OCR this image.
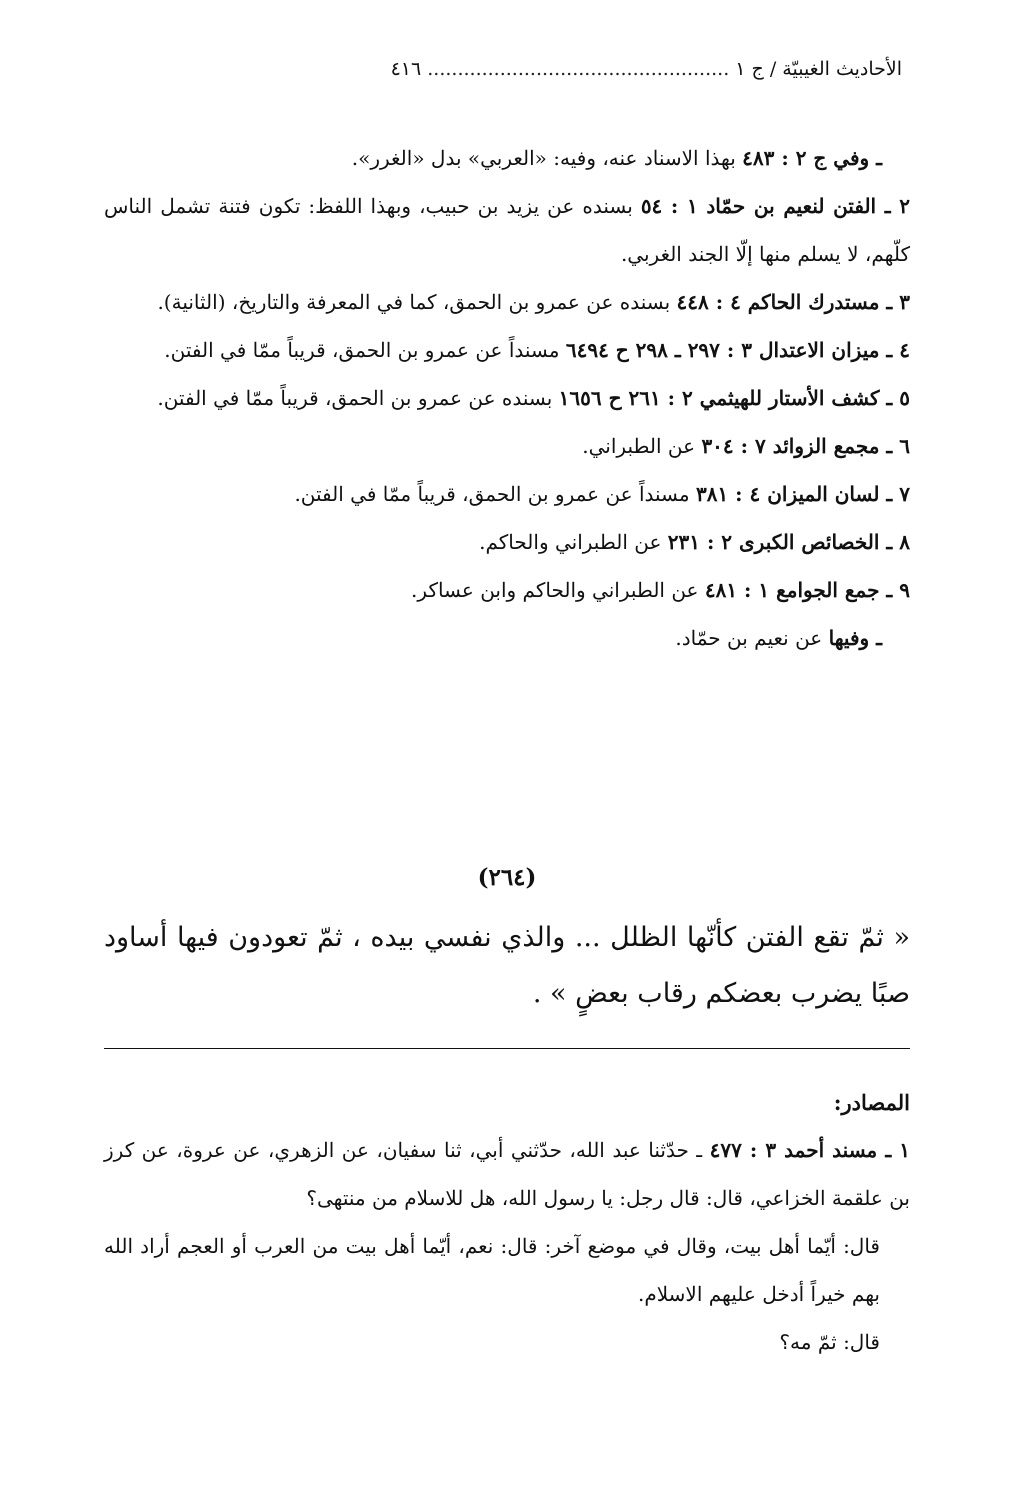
الأحاديث الغيبيّة / ج ١ .................................................. ٤١٦

ـ وفي ج ٢ : ٤٨٣ بهذا الاسناد عنه، وفيه: «العربي» بدل «الغرر».

٢ ـ الفتن لنعيم بن حمّاد ١ : ٥٤ بسنده عن يزيد بن حبيب، وبهذا اللفظ: تكون فتنة تشمل الناس كلّهم، لا يسلم منها إلّا الجند الغربي.

٣ ـ مستدرك الحاكم ٤ : ٤٤٨ بسنده عن عمرو بن الحمق، كما في المعرفة والتاريخ، (الثانية).

٤ ـ ميزان الاعتدال ٣ : ٢٩٧ ـ ٢٩٨ ح ٦٤٩٤ مسنداً عن عمرو بن الحمق، قريباً ممّا في الفتن.

٥ ـ كشف الأستار للهيثمي ٢ : ٢٦١ ح ١٦٥٦ بسنده عن عمرو بن الحمق، قريباً ممّا في الفتن.

٦ ـ مجمع الزوائد ٧ : ٣٠٤ عن الطبراني.

٧ ـ لسان الميزان ٤ : ٣٨١ مسنداً عن عمرو بن الحمق، قريباً ممّا في الفتن.

٨ ـ الخصائص الكبرى ٢ : ٢٣١ عن الطبراني والحاكم.

٩ ـ جمع الجوامع ١ : ٤٨١ عن الطبراني والحاكم وابن عساكر.

ـ وفيها عن نعيم بن حمّاد.

(٢٦٤)
« ثمّ تقع الفتن كأنّها الظلل ... والذي نفسي بيده ، ثمّ تعودون فيها أساود صبًا يضرب بعضكم رقاب بعضٍ » .
المصادر:

١ ـ مسند أحمد ٣ : ٤٧٧ ـ حدّثنا عبد الله، حدّثني أبي، ثنا سفيان، عن الزهري، عن عروة، عن كرز بن علقمة الخزاعي، قال: قال رجل: يا رسول الله، هل للاسلام من منتهى؟

قال: أيّما أهل بيت، وقال في موضع آخر: قال: نعم، أيّما أهل بيت من العرب أو العجم أراد الله بهم خيراً أدخل عليهم الاسلام.

قال: ثمّ مه؟
